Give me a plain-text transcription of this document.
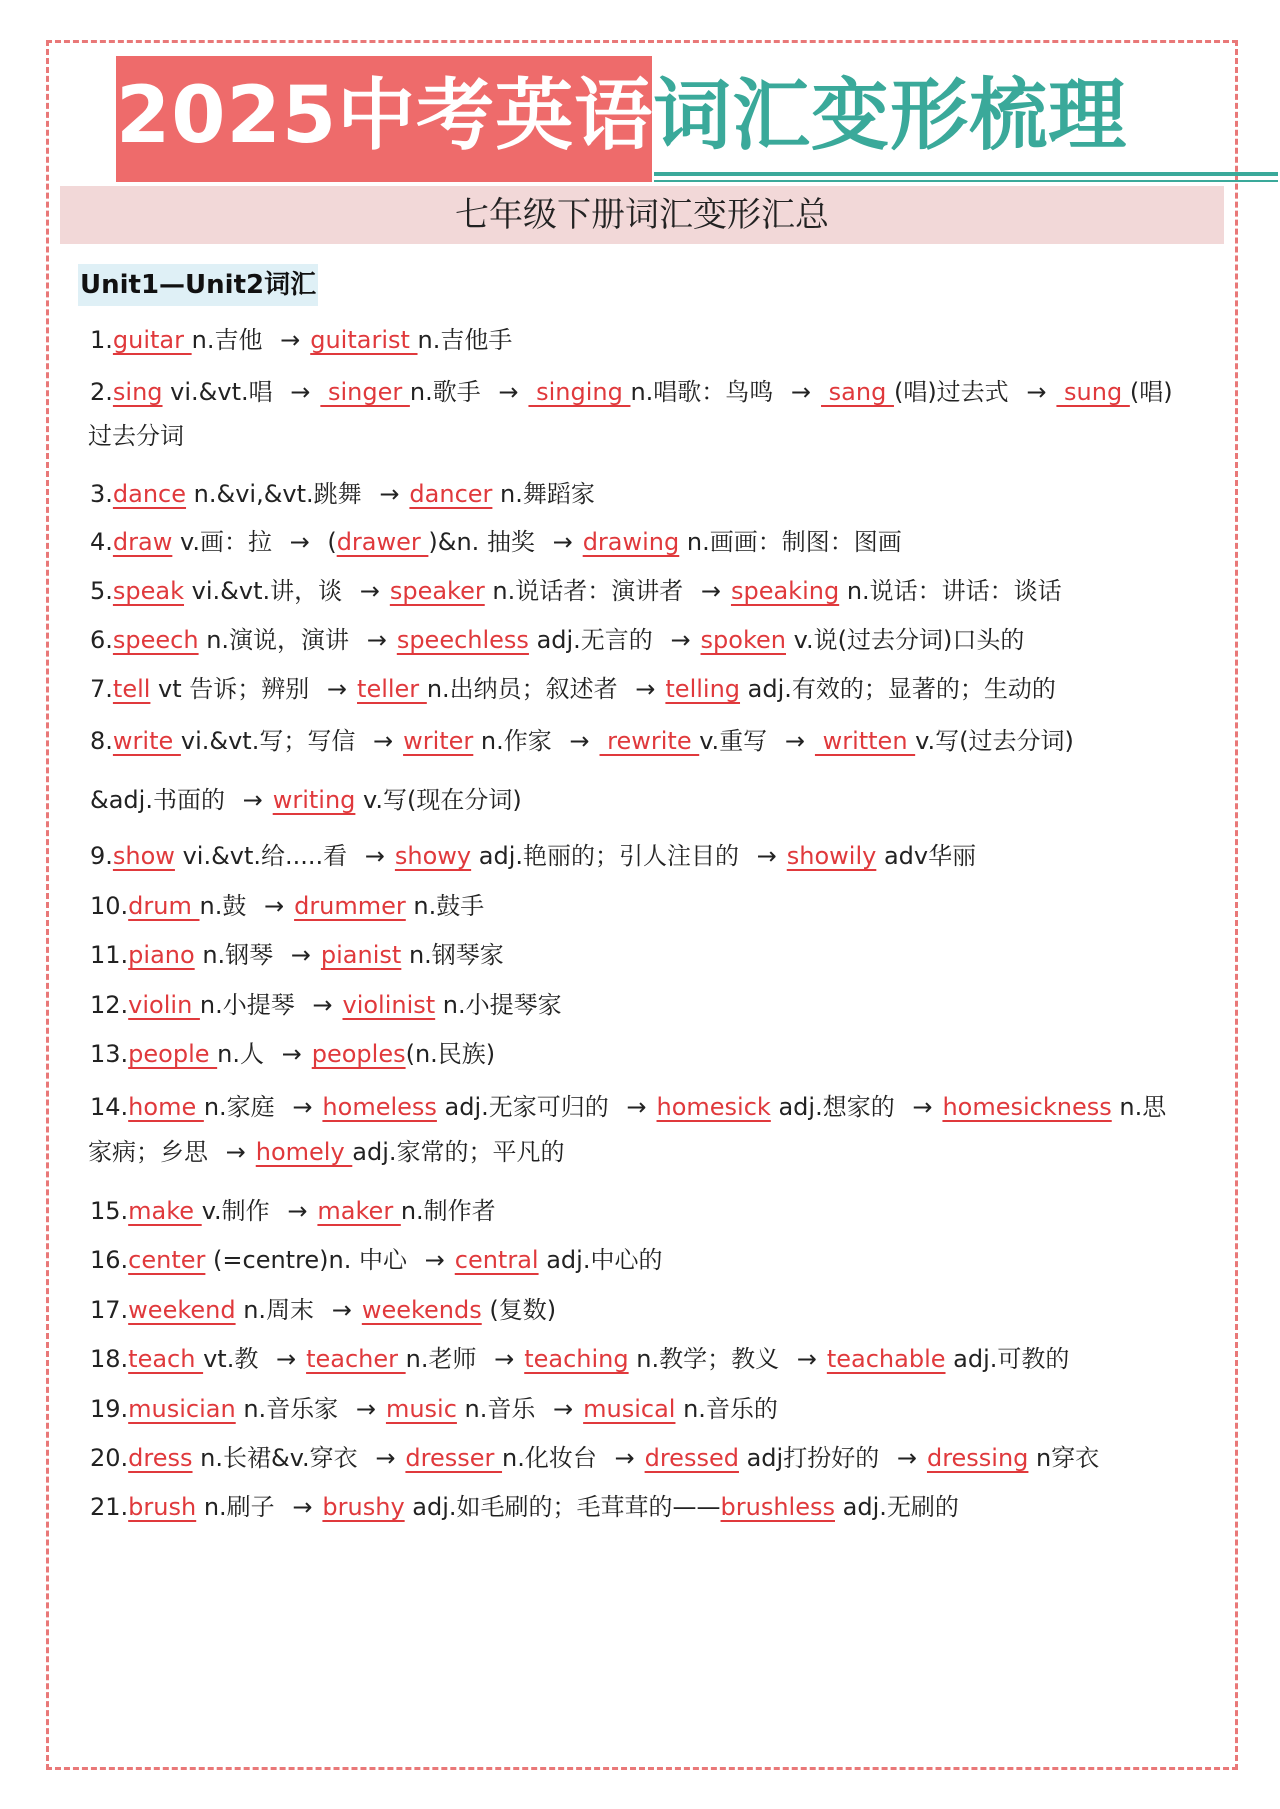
2025中考英语词汇变形梳理
七年级下册词汇变形汇总
Unit1—Unit2词汇
1.guitar n.吉他 → guitarist n.吉他手
2.sing vi.&vt.唱 → singer n.歌手 → singing n.唱歌：鸟鸣 → sang (唱)过去式 → sung (唱)
过去分词
3.dance n.&vi,&vt.跳舞 → dancer n.舞蹈家
4.draw v.画：拉 → (drawer )&n. 抽奖 → drawing n.画画：制图：图画
5.speak vi.&vt.讲，谈 → speaker n.说话者：演讲者 → speaking n.说话：讲话：谈话
6.speech n.演说，演讲 → speechless adj.无言的 → spoken v.说(过去分词)口头的
7.tell vt 告诉；辨别 → teller n.出纳员；叙述者 → telling adj.有效的；显著的；生动的
8.write vi.&vt.写；写信 → writer n.作家 → rewrite v.重写 → written v.写(过去分词)
&adj.书面的 → writing v.写(现在分词)
9.show vi.&vt.给.....看 → showy adj.艳丽的；引人注目的 → showily adv华丽
10.drum n.鼓 → drummer n.鼓手
11.piano n.钢琴 → pianist n.钢琴家
12.violin n.小提琴 → violinist n.小提琴家
13.people n.人 → peoples(n.民族)
14.home n.家庭 → homeless adj.无家可归的 → homesick adj.想家的 → homesickness n.思
家病；乡思 → homely adj.家常的；平凡的
15.make v.制作 → maker n.制作者
16.center (=centre)n. 中心 → central adj.中心的
17.weekend n.周末 → weekends (复数)
18.teach vt.教 → teacher n.老师 → teaching n.教学；教义 → teachable adj.可教的
19.musician n.音乐家 → music n.音乐 → musical n.音乐的
20.dress n.长裙&v.穿衣 → dresser n.化妆台 → dressed adj打扮好的 → dressing n穿衣
21.brush n.刷子 → brushy adj.如毛刷的；毛茸茸的——brushless adj.无刷的
